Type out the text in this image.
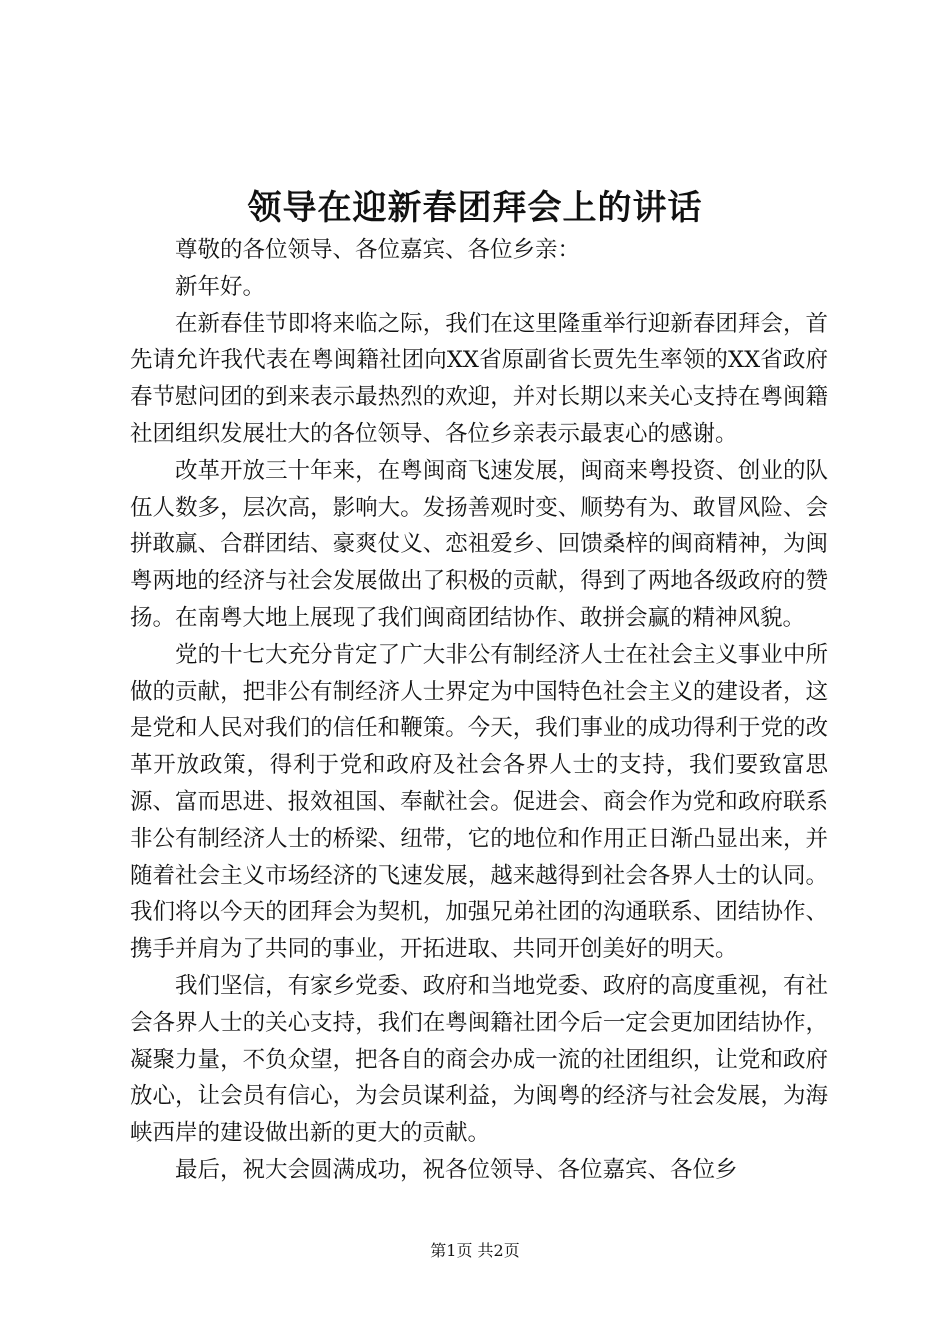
领导在迎新春团拜会上的讲话

尊敬的各位领导、各位嘉宾、各位乡亲：

新年好。

在新春佳节即将来临之际，我们在这里隆重举行迎新春团拜会，首先请允许我代表在粤闽籍社团向XX省原副省长贾先生率领的XX省政府春节慰问团的到来表示最热烈的欢迎，并对长期以来关心支持在粤闽籍社团组织发展壮大的各位领导、各位乡亲表示最衷心的感谢。

改革开放三十年来，在粤闽商飞速发展，闽商来粤投资、创业的队伍人数多，层次高，影响大。发扬善观时变、顺势有为、敢冒风险、会拼敢赢、合群团结、豪爽仗义、恋祖爱乡、回馈桑梓的闽商精神，为闽粤两地的经济与社会发展做出了积极的贡献，得到了两地各级政府的赞扬。在南粤大地上展现了我们闽商团结协作、敢拼会赢的精神风貌。

党的十七大充分肯定了广大非公有制经济人士在社会主义事业中所做的贡献，把非公有制经济人士界定为中国特色社会主义的建设者，这是党和人民对我们的信任和鞭策。今天，我们事业的成功得利于党的改革开放政策，得利于党和政府及社会各界人士的支持，我们要致富思源、富而思进、报效祖国、奉献社会。促进会、商会作为党和政府联系非公有制经济人士的桥梁、纽带，它的地位和作用正日渐凸显出来，并随着社会主义市场经济的飞速发展，越来越得到社会各界人士的认同。我们将以今天的团拜会为契机，加强兄弟社团的沟通联系、团结协作、携手并肩为了共同的事业，开拓进取、共同开创美好的明天。

我们坚信，有家乡党委、政府和当地党委、政府的高度重视，有社会各界人士的关心支持，我们在粤闽籍社团今后一定会更加团结协作，凝聚力量，不负众望，把各自的商会办成一流的社团组织，让党和政府放心，让会员有信心，为会员谋利益，为闽粤的经济与社会发展，为海峡西岸的建设做出新的更大的贡献。

最后，祝大会圆满成功，祝各位领导、各位嘉宾、各位乡

第1页 共2页
